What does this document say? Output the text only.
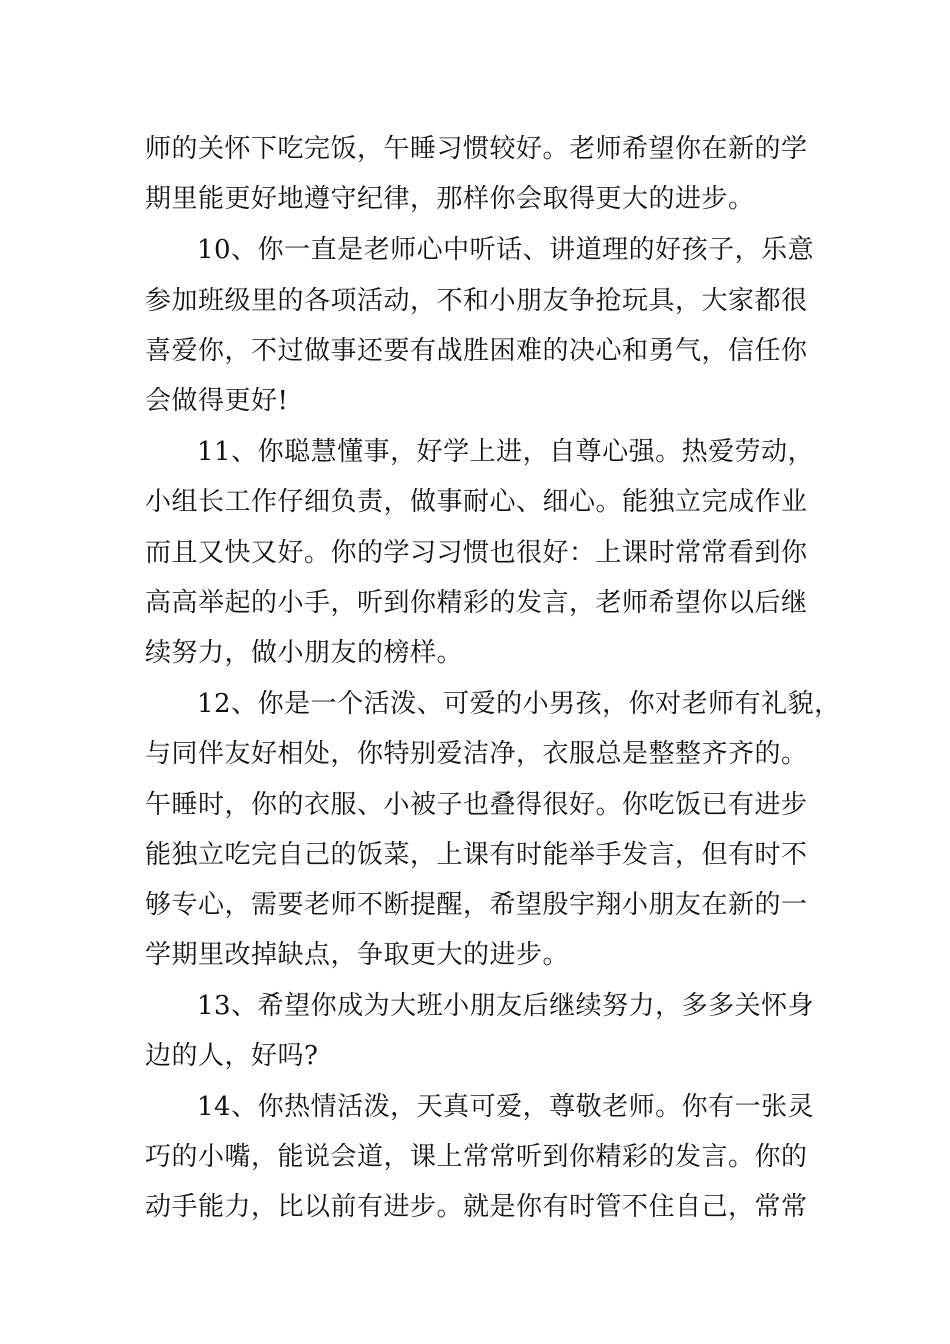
师的关怀下吃完饭，午睡习惯较好。老师希望你在新的学
期里能更好地遵守纪律，那样你会取得更大的进步。
10、你一直是老师心中听话、讲道理的好孩子，乐意
参加班级里的各项活动，不和小朋友争抢玩具，大家都很
喜爱你，不过做事还要有战胜困难的决心和勇气，信任你
会做得更好!
11、你聪慧懂事，好学上进，自尊心强。热爱劳动，
小组长工作仔细负责，做事耐心、细心。能独立完成作业
而且又快又好。你的学习习惯也很好：上课时常常看到你
高高举起的小手，听到你精彩的发言，老师希望你以后继
续努力，做小朋友的榜样。
12、你是一个活泼、可爱的小男孩，你对老师有礼貌，
与同伴友好相处，你特别爱洁净，衣服总是整整齐齐的。
午睡时，你的衣服、小被子也叠得很好。你吃饭已有进步
能独立吃完自己的饭菜，上课有时能举手发言，但有时不
够专心，需要老师不断提醒，希望殷宇翔小朋友在新的一
学期里改掉缺点，争取更大的进步。
13、希望你成为大班小朋友后继续努力，多多关怀身
边的人，好吗?
14、你热情活泼，天真可爱，尊敬老师。你有一张灵
巧的小嘴，能说会道，课上常常听到你精彩的发言。你的
动手能力，比以前有进步。就是你有时管不住自己，常常
